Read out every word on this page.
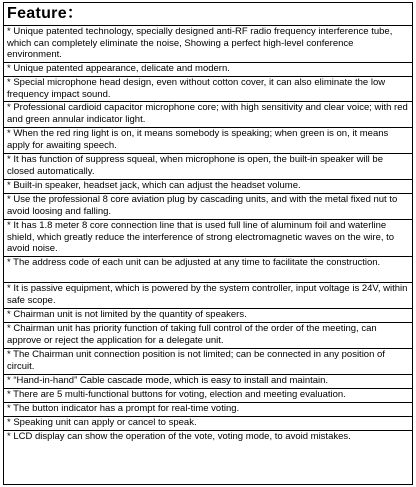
Feature：
* Unique patented technology, specially designed anti-RF radio frequency interference tube, which can completely eliminate the noise, Showing a perfect high-level conference environment.
* Unique patented appearance, delicate and modern.
* Special microphone head design, even without cotton cover, it can also eliminate the low frequency impact sound.
* Professional cardioid capacitor microphone core; with high sensitivity and clear voice; with red and green annular indicator light.
* When the red ring light is on, it means somebody is speaking; when green is on, it means apply for awaiting speech.
* It has function of suppress squeal, when microphone is open, the built-in speaker will be closed automatically.
* Built-in speaker, headset jack, which can adjust the headset volume.
* Use the professional 8 core aviation plug by cascading units, and with the metal fixed nut to avoid loosing and falling.
* It has 1.8 meter 8 core connection line that is used full line of aluminum foil and waterline shield, which greatly reduce the interference of strong electromagnetic waves on the wire, to avoid noise.
* The address code of each unit can be adjusted at any time to facilitate the construction.
* It is passive equipment, which is powered by the system controller, input voltage is 24V, within safe scope.
* Chairman unit is not limited by the quantity of speakers.
* Chairman unit has priority function of taking full control of the order of the meeting, can approve or reject the application for a delegate unit.
* The Chairman unit connection position is not limited; can be connected in any position of circuit.
* “Hand-in-hand” Cable cascade mode, which is easy to install and maintain.
* There are 5 multi-functional buttons for voting, election and meeting evaluation.
* The button indicator has a prompt for real-time voting.
* Speaking unit can apply or cancel to speak.
* LCD display can show the operation of the vote, voting mode, to avoid mistakes.
